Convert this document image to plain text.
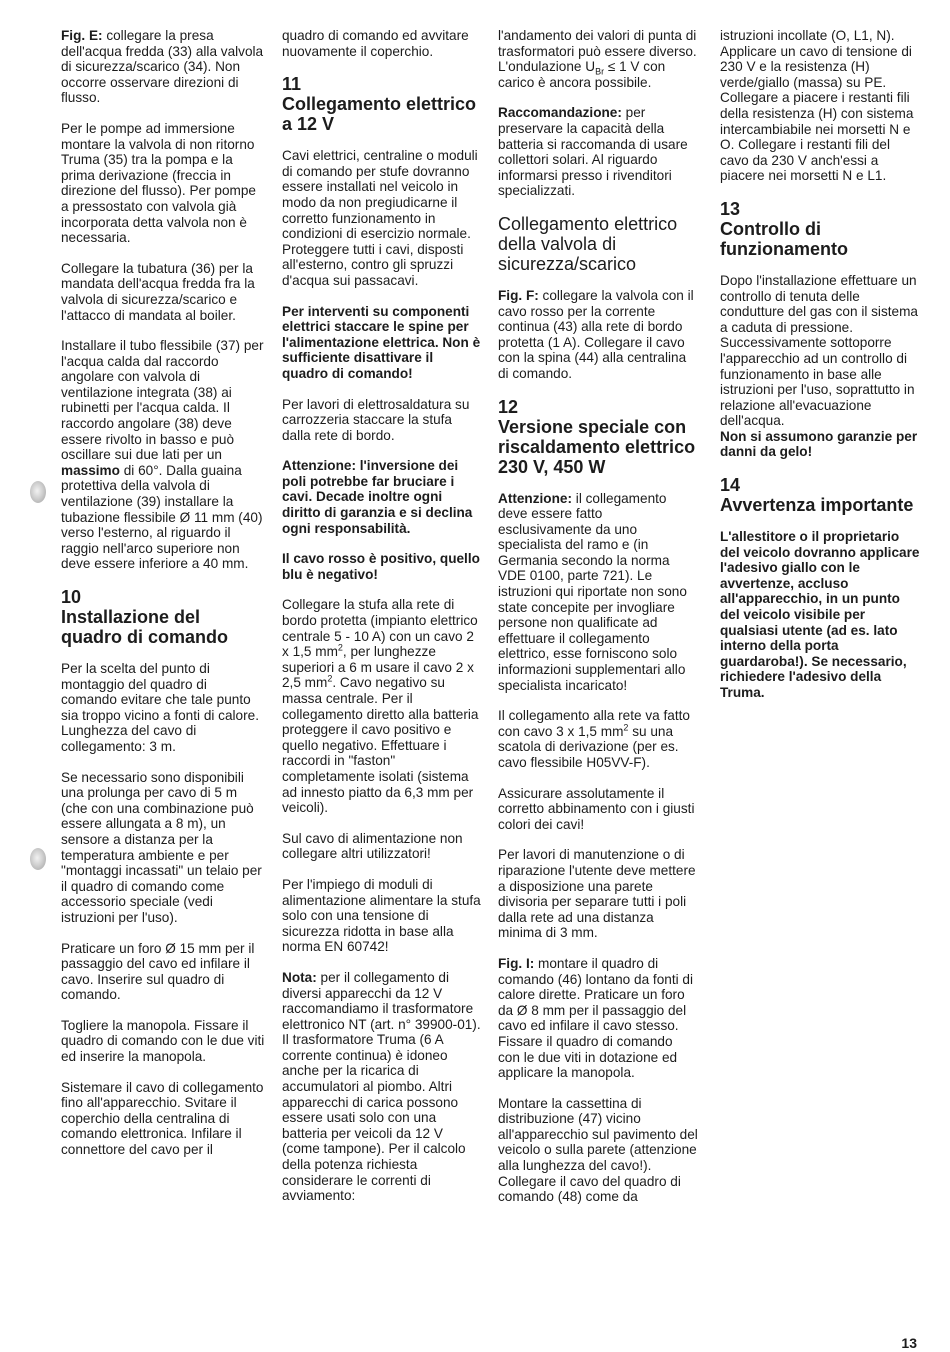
Fig. E: collegare la presa dell'acqua fredda (33) alla valvola di sicurezza/scarico (34). Non occorre osservare direzioni di flusso.

Per le pompe ad immersione montare la valvola di non ritorno Truma (35) tra la pompa e la prima derivazione (freccia in direzione del flusso). Per pompe a pressostato con valvola già incorporata detta valvola non è necessaria.

Collegare la tubatura (36) per la mandata dell'acqua fredda fra la valvola di sicurezza/scarico e l'attacco di mandata al boiler.

Installare il tubo flessibile (37) per l'acqua calda dal raccordo angolare con valvola di ventilazione integrata (38) ai rubinetti per l'acqua calda. Il raccordo angolare (38) deve essere rivolto in basso e può oscillare sui due lati per un massimo di 60°. Dalla guaina protettiva della valvola di ventilazione (39) installare la tubazione flessibile Ø 11 mm (40) verso l'esterno, al riguardo il raggio nell'arco superiore non deve essere inferiore a 40 mm.

10
Installazione del quadro di comando

Per la scelta del punto di montaggio del quadro di comando evitare che tale punto sia troppo vicino a fonti di calore. Lunghezza del cavo di collegamento: 3 m.

Se necessario sono disponibili una prolunga per cavo di 5 m (che con una combinazione può essere allungata a 8 m), un sensore a distanza per la temperatura ambiente e per "montaggi incassati" un telaio per il quadro di comando come accessorio speciale (vedi istruzioni per l'uso).

Praticare un foro Ø 15 mm per il passaggio del cavo ed infilare il cavo. Inserire sul quadro di comando.

Togliere la manopola. Fissare il quadro di comando con le due viti ed inserire la manopola.

Sistemare il cavo di collegamento fino all'apparecchio. Svitare il coperchio della centralina di comando elettronica. Infilare il connettore del cavo per il

quadro di comando ed avvitare nuovamente il coperchio.

11
Collegamento elettrico a 12 V

Cavi elettrici, centraline o moduli di comando per stufe dovranno essere installati nel veicolo in modo da non pregiudicarne il corretto funzionamento in condizioni di esercizio normale. Proteggere tutti i cavi, disposti all'esterno, contro gli spruzzi d'acqua sui passacavi.

Per interventi su componenti elettrici staccare le spine per l'alimentazione elettrica. Non è sufficiente disattivare il quadro di comando!

Per lavori di elettrosaldatura su carrozzeria staccare la stufa dalla rete di bordo.

Attenzione: l'inversione dei poli potrebbe far bruciare i cavi. Decade inoltre ogni diritto di garanzia e si declina ogni responsabilità.

Il cavo rosso è positivo, quello blu è negativo!

Collegare la stufa alla rete di bordo protetta (impianto elettrico centrale 5 - 10 A) con un cavo 2 x 1,5 $mm^2$, per lunghezze superiori a 6 m usare il cavo 2 x 2,5 $mm^2$. Cavo negativo su massa centrale. Per il collegamento diretto alla batteria proteggere il cavo positivo e quello negativo. Effettuare i raccordi in "faston" completamente isolati (sistema ad innesto piatto da 6,3 mm per veicoli).

Sul cavo di alimentazione non collegare altri utilizzatori!

Per l'impiego di moduli di alimentazione alimentare la stufa solo con una tensione di sicurezza ridotta in base alla norma EN 60742!

Nota: per il collegamento di diversi apparecchi da 12 V raccomandiamo il trasformatore elettronico NT (art. n° 39900-01). Il trasformatore Truma (6 A corrente continua) è idoneo anche per la ricarica di accumulatori al piombo. Altri apparecchi di carica possono essere usati solo con una batteria per veicoli da 12 V (come tampone). Per il calcolo della potenza richiesta considerare le correnti di avviamento:

l'andamento dei valori di punta di trasformatori può essere diverso. L'ondulazione $U_{Br} \le 1$ V con carico è ancora possibile.

Raccomandazione: per preservare la capacità della batteria si raccomanda di usare collettori solari. Al riguardo informarsi presso i rivenditori specializzati.

Collegamento elettrico della valvola di sicurezza/scarico

Fig. F: collegare la valvola con il cavo rosso per la corrente continua (43) alla rete di bordo protetta (1 A). Collegare il cavo con la spina (44) alla centralina di comando.

12
Versione speciale con riscaldamento elettrico 230 V, 450 W

Attenzione: il collegamento deve essere fatto esclusivamente da uno specialista del ramo e (in Germania secondo la norma VDE 0100, parte 721). Le istruzioni qui riportate non sono state concepite per invogliare persone non qualificate ad effettuare il collegamento elettrico, esse forniscono solo informazioni supplementari allo specialista incaricato!

Il collegamento alla rete va fatto con cavo 3 x 1,5 $mm^2$ su una scatola di derivazione (per es. cavo flessibile H05VV-F).

Assicurare assolutamente il corretto abbinamento con i giusti colori dei cavi!

Per lavori di manutenzione o di riparazione l'utente deve mettere a disposizione una parete divisoria per separare tutti i poli dalla rete ad una distanza minima di 3 mm.

Fig. I: montare il quadro di comando (46) lontano da fonti di calore dirette. Praticare un foro da Ø 8 mm per il passaggio del cavo ed infilare il cavo stesso. Fissare il quadro di comando con le due viti in dotazione ed applicare la manopola.

Montare la cassettina di distribuzione (47) vicino all'apparecchio sul pavimento del veicolo o sulla parete (attenzione alla lunghezza del cavo!). Collegare il cavo del quadro di comando (48) come da

istruzioni incollate (O, L1, N). Applicare un cavo di tensione di 230 V e la resistenza (H) verde/giallo (massa) su PE. Collegare a piacere i restanti fili della resistenza (H) con sistema intercambiabile nei morsetti N e O. Collegare i restanti fili del cavo da 230 V anch'essi a piacere nei morsetti N e L1.

13
Controllo di funzionamento

Dopo l'installazione effettuare un controllo di tenuta delle condutture del gas con il sistema a caduta di pressione. Successivamente sottoporre l'apparecchio ad un controllo di funzionamento in base alle istruzioni per l'uso, soprattutto in relazione all'evacuazione dell'acqua.
Non si assumono garanzie per danni da gelo!

14
Avvertenza importante

L'allestitore o il proprietario del veicolo dovranno applicare l'adesivo giallo con le avvertenze, accluso all'apparecchio, in un punto del veicolo visibile per qualsiasi utente (ad es. lato interno della porta guardaroba!). Se necessario, richiedere l'adesivo della Truma.

13
